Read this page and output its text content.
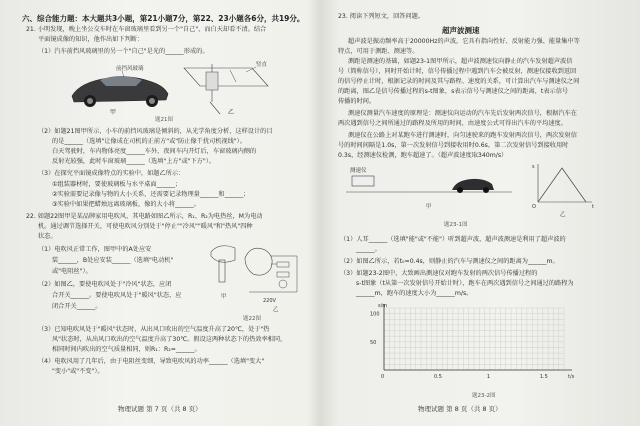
六、综合能力题：本大题共3小题，第21小题7分，第22、23小题各6分，共19分。
21. 小明发现，晚上坐公交车时在车窗玻璃里看到另一个"自己"，而白天却看不清。结合
平面镜成像的知识，他作出如下判断：
（1）汽车前挡风玻璃里的另一个"自己"是光的______形成的。
前挡风玻璃
甲
竖直
乙
题21图
（2）如题21图甲所示，小车的前挡风玻璃是倾斜的，从光学角度分析，这样设计的目
的是______（选填"让像成在司机的正前方"或"防止像干扰司机视线"）。
白天驾驶时，车内物体亮度______车外，夜间车内开灯后，车窗玻璃内侧的
反射光较强，此时车窗玻璃______（选填"上方"或"下方"）。
（3）在探究平面镜成像特点的实验中，如题乙所示：
①组装器材时，要使玻璃板与水平桌面______；
②实验需要记录像与物的大小关系，还需要记录物理量______和______；
③实验中如果把蜡烛远离玻璃板，像的大小将______。
22. 如题22图甲是某品牌家用电吹风，其电路如图乙所示，R₁、R₂为电热丝，M为电动
机。通过调节选择开关，可使电吹风分别处于"停止""冷风""暖风"和"热风"四种
状态。
（1）电吹风正常工作，图甲中的A处应安
装______，B处应安装______（选填"电动机"
或"电阻丝"）。
（2）如图乙，要使电吹风处于"冷风"状态，应闭
合开关______。要使电吹风处于"暖风"状态，应
闭合开关______。
甲
220V
乙
题22图
（3）已知电吹风处于"暖风"状态时，从出风口吹出的空气温度升高了20℃，处于"热
风"状态时，从出风口吹出的空气温度升高了30℃。假设这两种状态下的热效率相同，
相同时间内吹出的空气质量相同，则R₁：R₂=______。
（4）电吹风用了几年后，由于电阻丝变细，导致电吹风的功率______（选填"变大"
"变小"或"不变"）。
物理试题 第 7 页（共 8 页）
23. 阅读下列短文，回答问题。
超声波测速
超声波是振动频率高于20000Hz的声波，它具有指向性好、反射能力强、能量集中等
特点，可用于测距、测速等。
测距是测速的基础，如题23-1图甲所示，超声波测速仪向静止的汽车发射超声波信
号（简称信号），同时开始计时，信号传播过程中遇到汽车会被反射，测速仪接收到返回
的信号停止计时，根据记录的时间及其与路程、速度的关系，可计算出汽车与测速仪之间
的距离，图乙是信号传播过程的s-t图象，s表示信号与测速仪之间的距离，t表示信号
传播的时间。
测速仪测量汽车速度的原理是：测速仪向运动的汽车先后发射两次信号，根据汽车在
两次遇到信号之间所通过的路程及所用的时间，由速度公式可得出汽车的平均速度。
测速仪在公路上对某跑车进行测速时，向匀速驶来的跑车发射两次信号，两次发射信
号的时间间隔是1.0s，第一次发射信号到接收用时0.6s，第二次发射信号到接收用时
0.3s，经测速仪检测，跑车超速了。（超声波速度取340m/s）
测速仪
甲
s
t
O
乙
题23-1图
（1）人耳______（选填"能"或"不能"）听到超声波，超声波测速是利用了超声波的
______。
（2）如图乙所示，若t₀=0.4s，则静止的汽车与测速仪之间的距离为______m。
（3）如题23-2图中，大致画出测速仪对跑车发射的两次信号传播过程的
s-t图象（t从第一次发射信号开始计时），跑车在两次遇到信号之间通过的路程为
______m，跑车的速度大小为______m/s。
0	0.5	1	1.5
50
100
t/s
s/m
题23-2图
物理试题 第 8 页（共 8 页）
